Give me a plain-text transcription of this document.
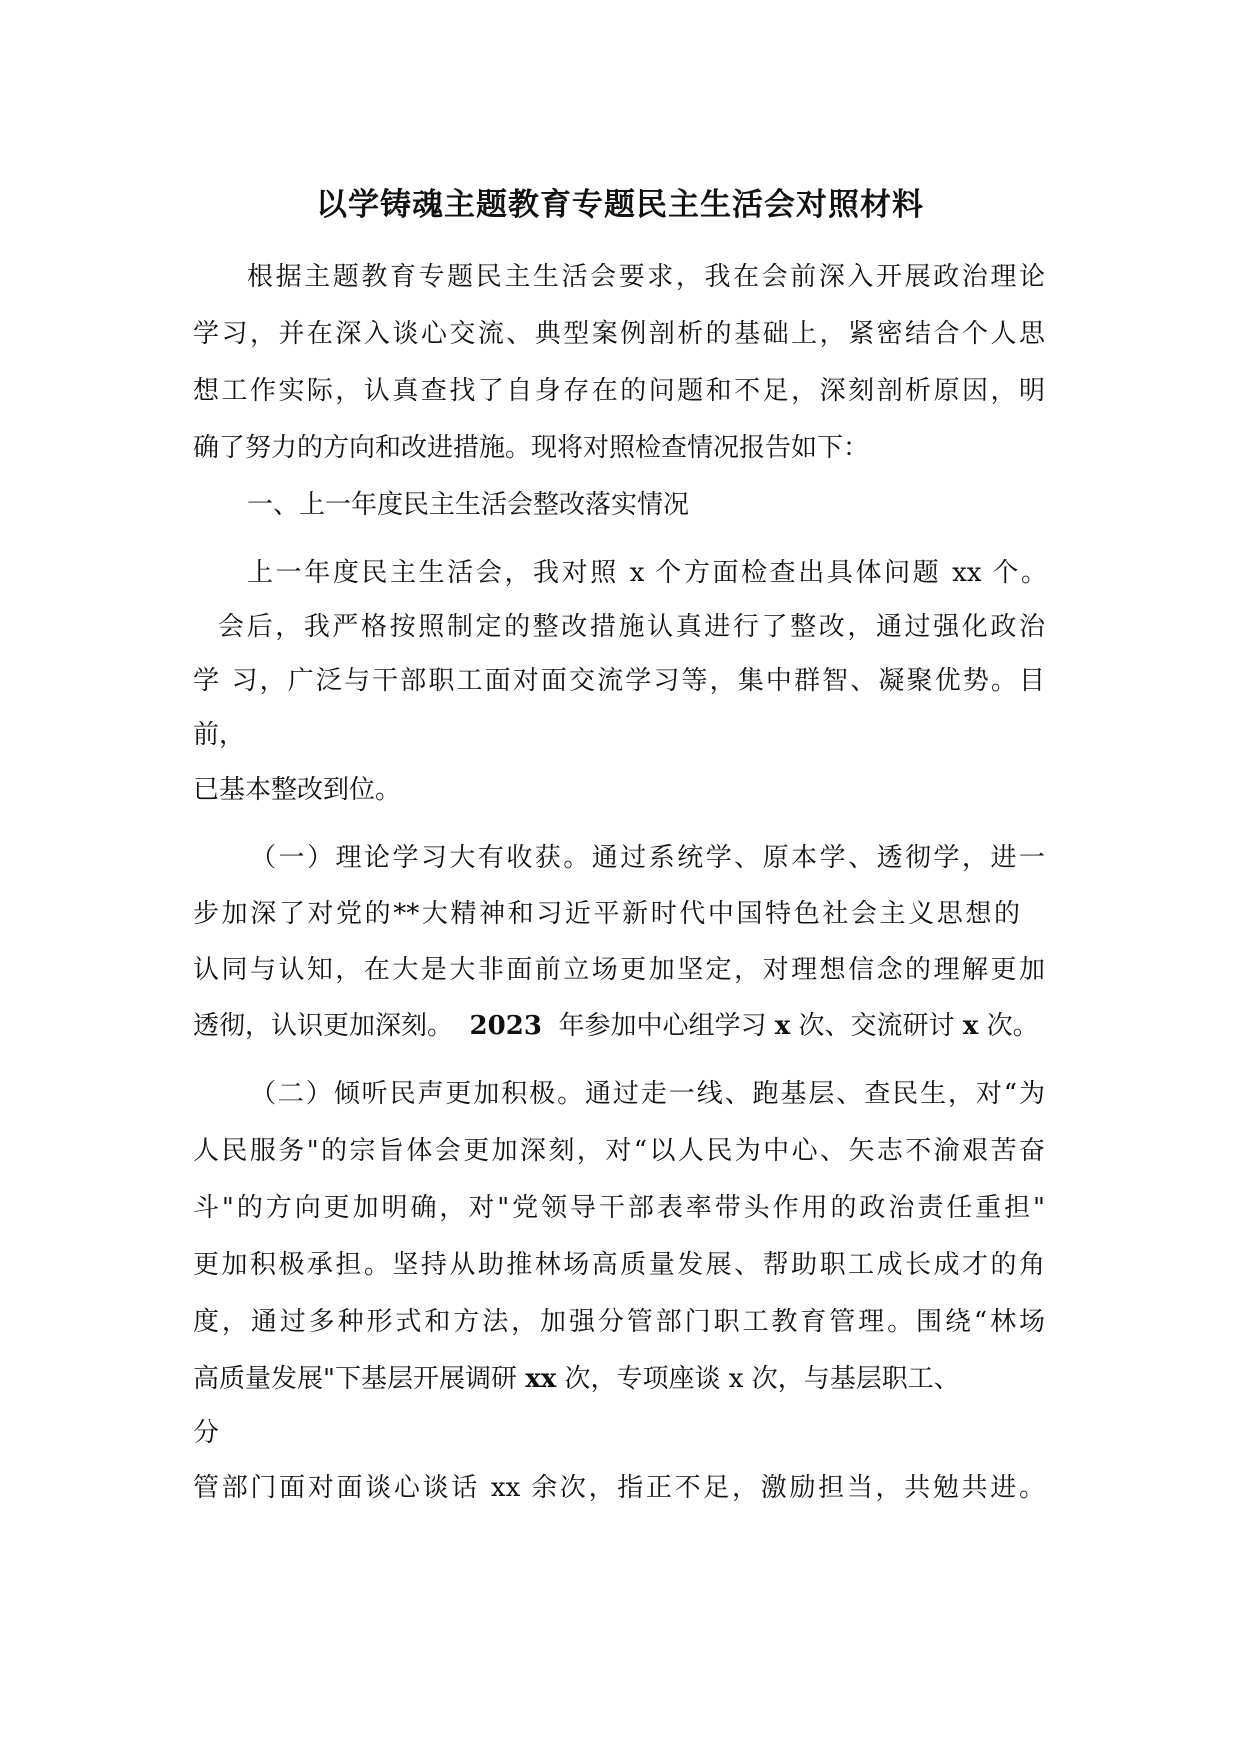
以学铸魂主题教育专题民主生活会对照材料
根据主题教育专题民主生活会要求，我在会前深入开展政治理论
学习，并在深入谈心交流、典型案例剖析的基础上，紧密结合个人思
想工作实际，认真查找了自身存在的问题和不足，深刻剖析原因，明
确了努力的方向和改进措施。现将对照检查情况报告如下：
一、上一年度民主生活会整改落实情况
上一年度民主生活会，我对照 x 个方面检查出具体问题 xx 个。
会后，我严格按照制定的整改措施认真进行了整改，通过强化政治
学 习，广泛与干部职工面对面交流学习等，集中群智、凝聚优势。目
前，
已基本整改到位。
（一）理论学习大有收获。通过系统学、原本学、透彻学，进一
步加深了对党的**大精神和习近平新时代中国特色社会主义思想的
认同与认知，在大是大非面前立场更加坚定，对理想信念的理解更加
透彻，认识更加深刻。 2023 年参加中心组学习 x 次、交流研讨 x 次。
（二）倾听民声更加积极。通过走一线、跑基层、查民生，对“为
人民服务"的宗旨体会更加深刻，对“以人民为中心、矢志不渝艰苦奋
斗"的方向更加明确，对"党领导干部表率带头作用的政治责任重担"
更加积极承担。坚持从助推林场高质量发展、帮助职工成长成才的角
度，通过多种形式和方法，加强分管部门职工教育管理。围绕“林场
高质量发展"下基层开展调研 xx 次，专项座谈 x 次，与基层职工、
分
管部门面对面谈心谈话 xx 余次，指正不足，激励担当，共勉共进。
